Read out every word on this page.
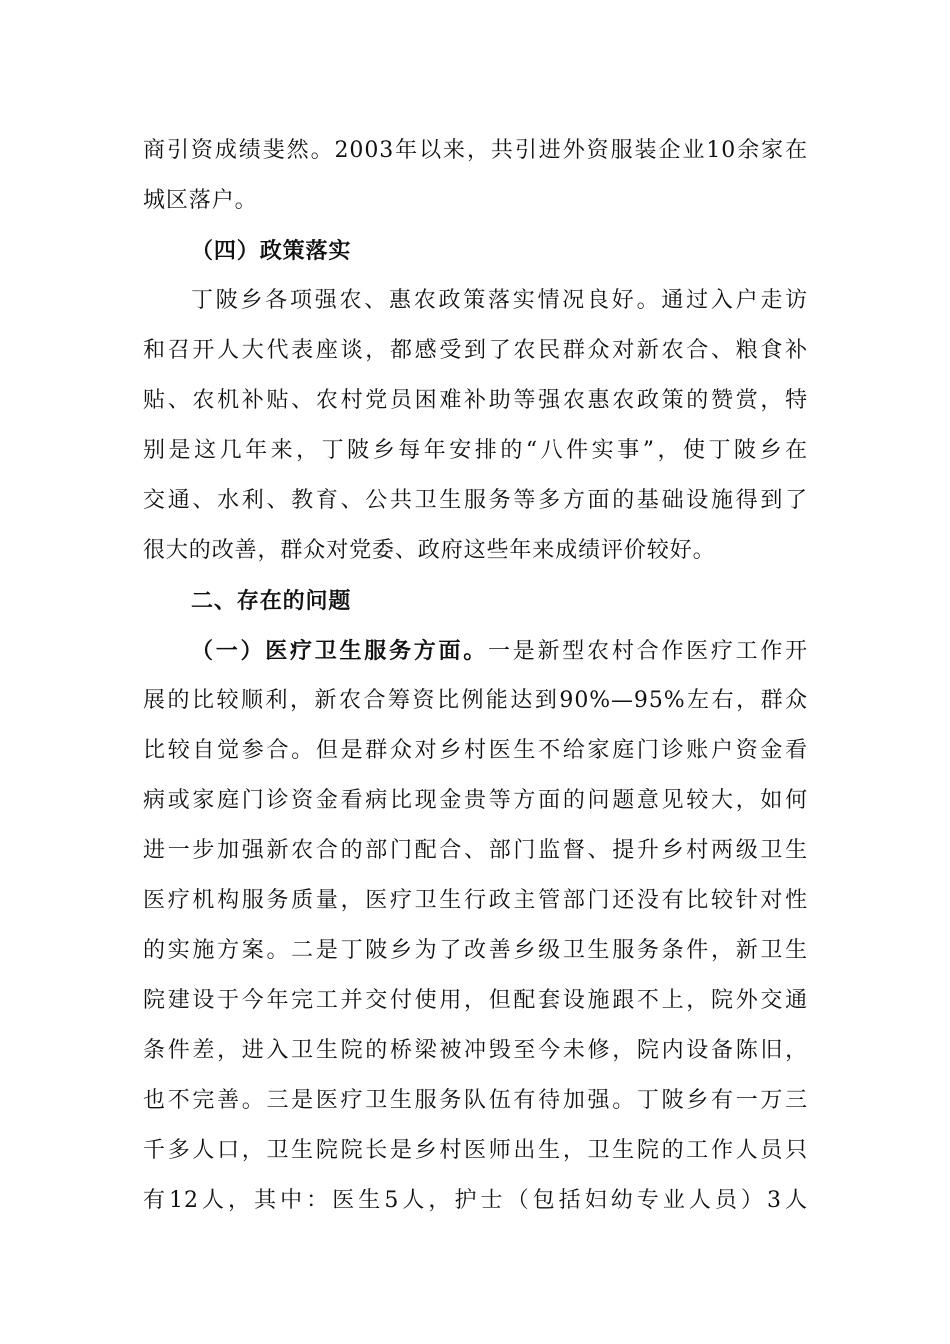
商引资成绩斐然。2003年以来，共引进外资服装企业10余家在
城区落户。
（四）政策落实
丁陂乡各项强农、惠农政策落实情况良好。通过入户走访
和召开人大代表座谈，都感受到了农民群众对新农合、粮食补
贴、农机补贴、农村党员困难补助等强农惠农政策的赞赏，特
别是这几年来，丁陂乡每年安排的“八件实事”，使丁陂乡在
交通、水利、教育、公共卫生服务等多方面的基础设施得到了
很大的改善，群众对党委、政府这些年来成绩评价较好。
二、存在的问题
（一）医疗卫生服务方面。一是新型农村合作医疗工作开
展的比较顺利，新农合筹资比例能达到90%—95%左右，群众
比较自觉参合。但是群众对乡村医生不给家庭门诊账户资金看
病或家庭门诊资金看病比现金贵等方面的问题意见较大，如何
进一步加强新农合的部门配合、部门监督、提升乡村两级卫生
医疗机构服务质量，医疗卫生行政主管部门还没有比较针对性
的实施方案。二是丁陂乡为了改善乡级卫生服务条件，新卫生
院建设于今年完工并交付使用，但配套设施跟不上，院外交通
条件差，进入卫生院的桥梁被冲毁至今未修，院内设备陈旧，
也不完善。三是医疗卫生服务队伍有待加强。丁陂乡有一万三
千多人口，卫生院院长是乡村医师出生，卫生院的工作人员只
有12人，其中：医生5人，护士（包括妇幼专业人员）3人
